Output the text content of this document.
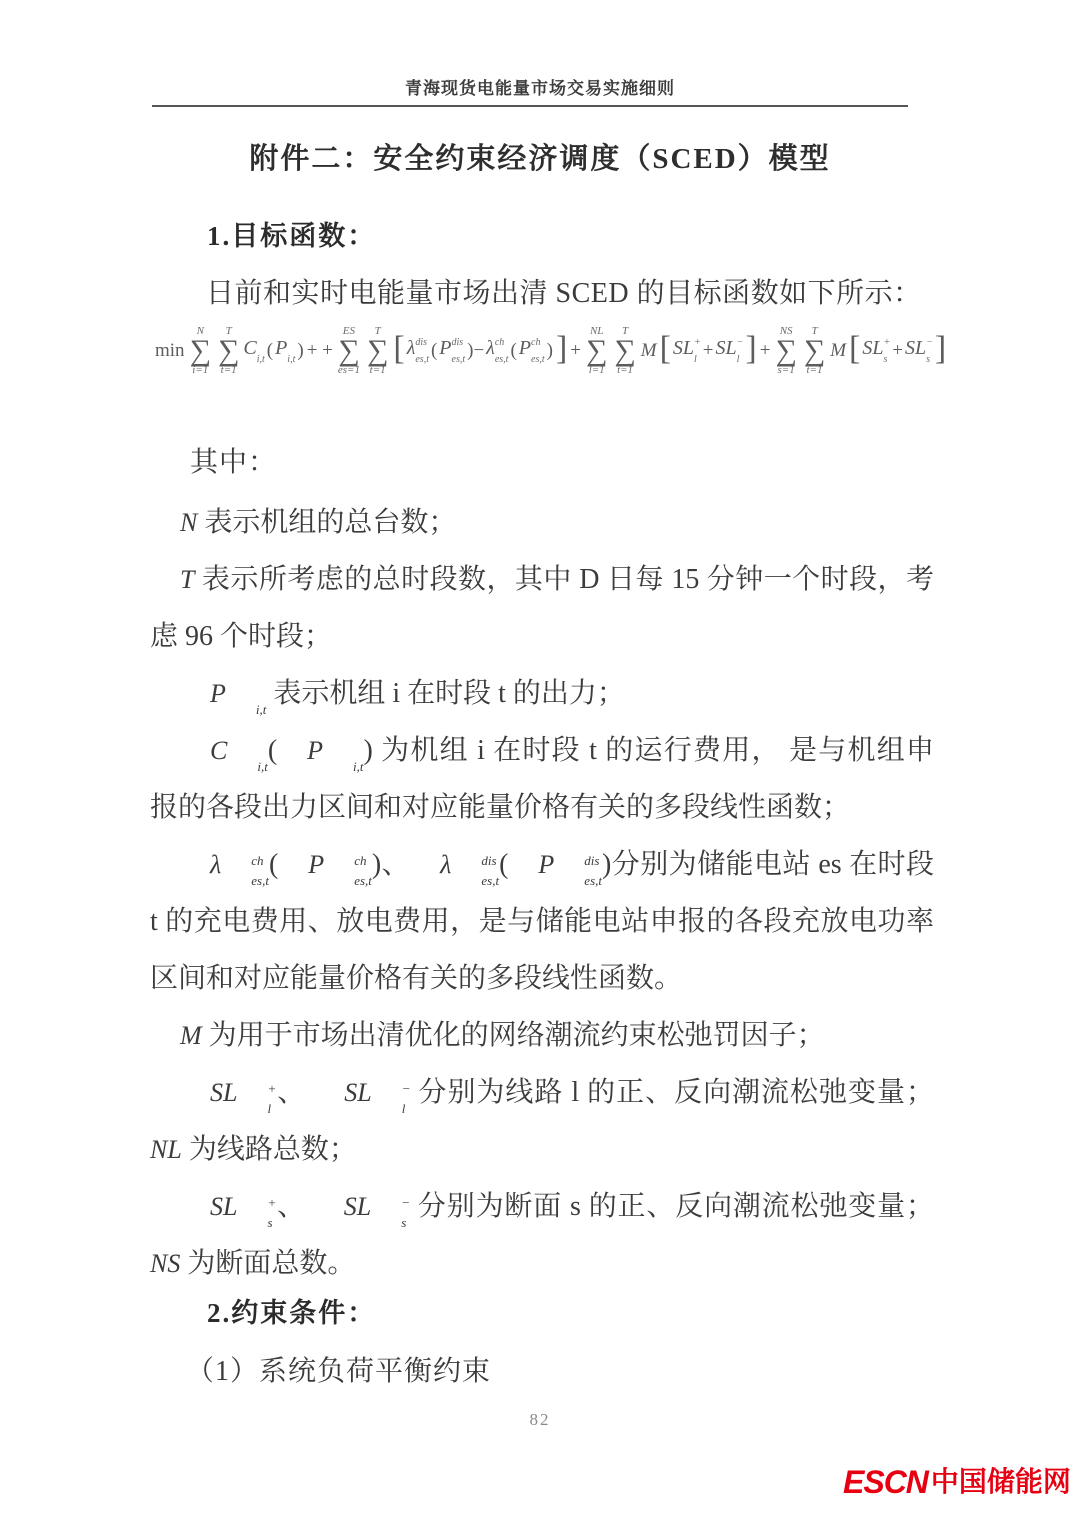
青海现货电能量市场交易实施细则
附件二：安全约束经济调度（SCED）模型
1.目标函数：
日前和实时电能量市场出清 SCED 的目标函数如下所示：
min
N
∑
i=1
T
∑
t=1
C

i,t ( P

i,t ) + +
ES
∑
es=1
T
∑
t=1
[ λ dis
es,t ( P dis
es,t )− λ ch
es,t ( P ch
es,t ) ] +
NL
∑
l=1
T
∑
t=1
M [ SL +
l + SL −
l ] +
NS
∑
s=1
T
∑
t=1
M [ SL +
s + SL −
s ]
其中：

N 表示机组的总台数；

T 表示所考虑的总时段数，其中 D 日每 15 分钟一个时段，考虑 96 个时段；

P

i,t
表示机组 i 在时段 t 的出力；

C

i,t
(	P

i,t
) 为机组 i 在时段 t 的运行费用， 是与机组申报的各段出力区间和对应能量价格有关的多段线性函数；

λ	ch
es,t
(	P	ch
es,t
)、	λ	dis
es,t
(	P	dis
es,t
)分别为储能电站 es 在时段 t 的充电费用、放电费用，是与储能电站申报的各段充放电功率区间和对应能量价格有关的多段线性函数。

M 为用于市场出清优化的网络潮流约束松弛罚因子；

SL	+
l
、	SL	−
l
分别为线路 l 的正、反向潮流松弛变量； NL 为线路总数；

SL	+
s
、	SL	−
s
分别为断面 s 的正、反向潮流松弛变量； NS 为断面总数。

2.约束条件：
（1）系统负荷平衡约束
82
ESCN 中国储能网
